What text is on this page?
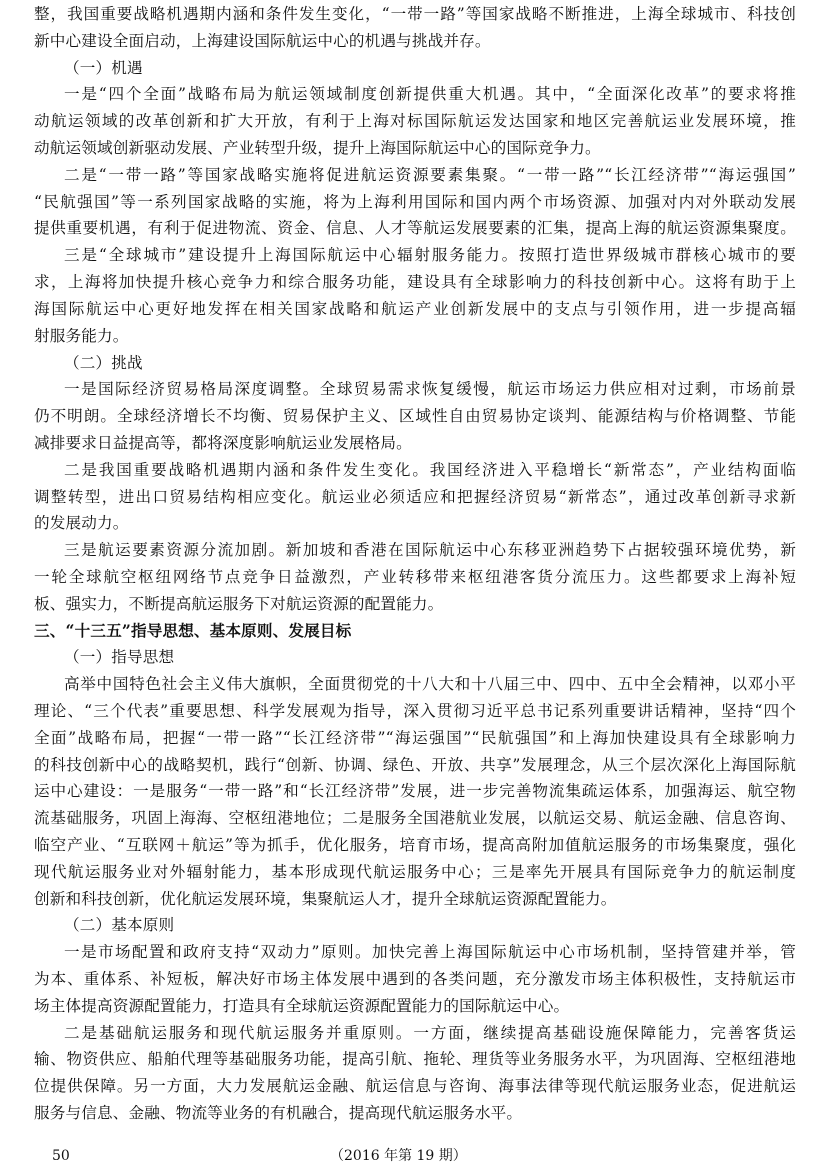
整，我国重要战略机遇期内涵和条件发生变化，“一带一路”等国家战略不断推进，上海全球城市、科技创
新中心建设全面启动，上海建设国际航运中心的机遇与挑战并存。
（一）机遇
一是“四个全面”战略布局为航运领域制度创新提供重大机遇。其中，“全面深化改革”的要求将推
动航运领域的改革创新和扩大开放，有利于上海对标国际航运发达国家和地区完善航运业发展环境，推
动航运领域创新驱动发展、产业转型升级，提升上海国际航运中心的国际竞争力。
二是“一带一路”等国家战略实施将促进航运资源要素集聚。“一带一路”“长江经济带”“海运强国”
“民航强国”等一系列国家战略的实施，将为上海利用国际和国内两个市场资源、加强对内对外联动发展
提供重要机遇，有利于促进物流、资金、信息、人才等航运发展要素的汇集，提高上海的航运资源集聚度。
三是“全球城市”建设提升上海国际航运中心辐射服务能力。按照打造世界级城市群核心城市的要
求，上海将加快提升核心竞争力和综合服务功能，建设具有全球影响力的科技创新中心。这将有助于上
海国际航运中心更好地发挥在相关国家战略和航运产业创新发展中的支点与引领作用，进一步提高辐
射服务能力。
（二）挑战
一是国际经济贸易格局深度调整。全球贸易需求恢复缓慢，航运市场运力供应相对过剩，市场前景
仍不明朗。全球经济增长不均衡、贸易保护主义、区域性自由贸易协定谈判、能源结构与价格调整、节能
减排要求日益提高等，都将深度影响航运业发展格局。
二是我国重要战略机遇期内涵和条件发生变化。我国经济进入平稳增长“新常态”，产业结构面临
调整转型，进出口贸易结构相应变化。航运业必须适应和把握经济贸易“新常态”，通过改革创新寻求新
的发展动力。
三是航运要素资源分流加剧。新加坡和香港在国际航运中心东移亚洲趋势下占据较强环境优势，新
一轮全球航空枢纽网络节点竞争日益激烈，产业转移带来枢纽港客货分流压力。这些都要求上海补短
板、强实力，不断提高航运服务下对航运资源的配置能力。
三、“十三五”指导思想、基本原则、发展目标
（一）指导思想
高举中国特色社会主义伟大旗帜，全面贯彻党的十八大和十八届三中、四中、五中全会精神，以邓小平
理论、“三个代表”重要思想、科学发展观为指导，深入贯彻习近平总书记系列重要讲话精神，坚持“四个
全面”战略布局，把握“一带一路”“长江经济带”“海运强国”“民航强国”和上海加快建设具有全球影响力
的科技创新中心的战略契机，践行“创新、协调、绿色、开放、共享”发展理念，从三个层次深化上海国际航
运中心建设：一是服务“一带一路”和“长江经济带”发展，进一步完善物流集疏运体系，加强海运、航空物
流基础服务，巩固上海海、空枢纽港地位；二是服务全国港航业发展，以航运交易、航运金融、信息咨询、
临空产业、“互联网＋航运”等为抓手，优化服务，培育市场，提高高附加值航运服务的市场集聚度，强化
现代航运服务业对外辐射能力，基本形成现代航运服务中心；三是率先开展具有国际竞争力的航运制度
创新和科技创新，优化航运发展环境，集聚航运人才，提升全球航运资源配置能力。
（二）基本原则
一是市场配置和政府支持“双动力”原则。加快完善上海国际航运中心市场机制，坚持管建并举，管
为本、重体系、补短板，解决好市场主体发展中遇到的各类问题，充分激发市场主体积极性，支持航运市
场主体提高资源配置能力，打造具有全球航运资源配置能力的国际航运中心。
二是基础航运服务和现代航运服务并重原则。一方面，继续提高基础设施保障能力，完善客货运
输、物资供应、船舶代理等基础服务功能，提高引航、拖轮、理货等业务服务水平，为巩固海、空枢纽港地
位提供保障。另一方面，大力发展航运金融、航运信息与咨询、海事法律等现代航运服务业态，促进航运
服务与信息、金融、物流等业务的有机融合，提高现代航运服务水平。
50	（2016 年第 19 期）
